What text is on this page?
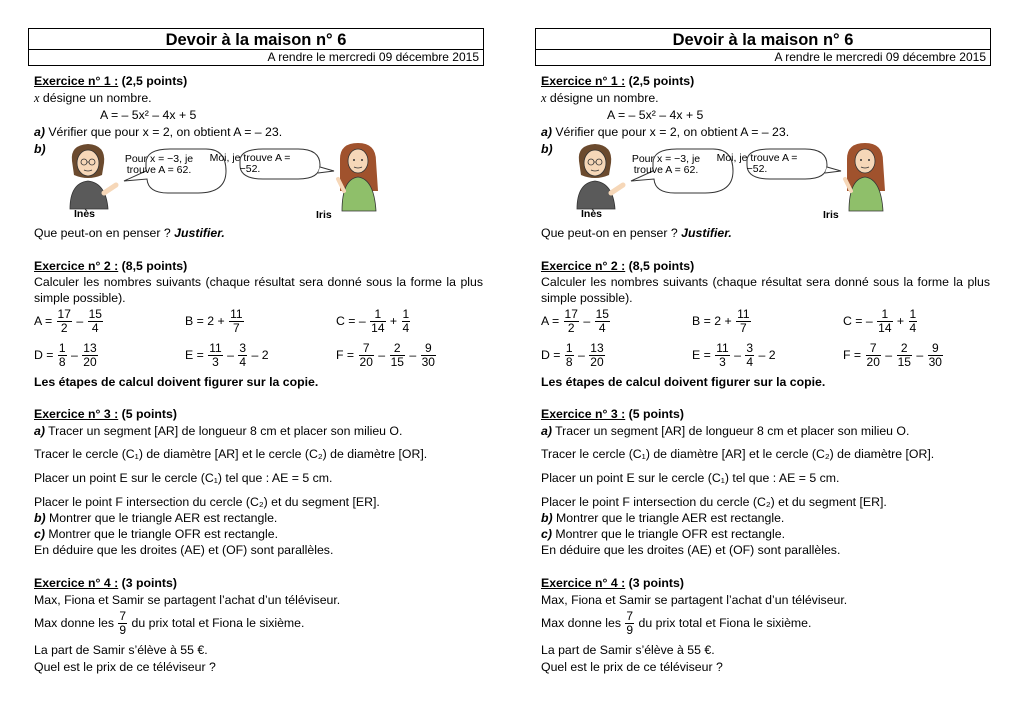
Devoir à la maison n° 6
A rendre le mercredi 09 décembre 2015
Exercice n° 1 : (2,5 points)
x désigne un nombre.
A = – 5x² – 4x + 5
a) Vérifier que pour x = 2, on obtient A = – 23.
b)
Pour x = −3, je trouve A = 62.
Moi, je trouve A = −52.
Inès	Iris
Que peut-on en penser ? Justifier.
Exercice n° 2 : (8,5 points)
Calculer les nombres suivants (chaque résultat sera donné sous la forme la plus simple possible).
$A = \frac{17}{2} - \frac{15}{4}$	$B = 2 + \frac{11}{7}$	C = – $\frac{1}{14} + \frac{1}{4}$
$D = \frac{1}{8} - \frac{13}{20}$	$E = \frac{11}{3} - \frac{3}{4} - 2$	$F = \frac{7}{20} - \frac{2}{15} - \frac{9}{30}$
Les étapes de calcul doivent figurer sur la copie.
Exercice n° 3 : (5 points)
a) Tracer un segment [AR] de longueur 8 cm et placer son milieu O.
Tracer le cercle (C₁) de diamètre [AR] et le cercle (C₂) de diamètre [OR].
Placer un point E sur le cercle (C₁) tel que : AE = 5 cm.
Placer le point F intersection du cercle (C₂) et du segment [ER].
b) Montrer que le triangle AER est rectangle.
c) Montrer que le triangle OFR est rectangle.
En déduire que les droites (AE) et (OF) sont parallèles.
Exercice n° 4 : (3 points)
Max, Fiona et Samir se partagent l’achat d’un téléviseur.
Max donne les $\frac{7}{9}$ du prix total et Fiona le sixième.
La part de Samir s’élève à 55 €.
Quel est le prix de ce téléviseur ?
Devoir à la maison n° 6
A rendre le mercredi 09 décembre 2015
Exercice n° 1 : (2,5 points)
x désigne un nombre.
A = – 5x² – 4x + 5
a) Vérifier que pour x = 2, on obtient A = – 23.
b)
Pour x = −3, je trouve A = 62.
Moi, je trouve A = −52.
Inès	Iris
Que peut-on en penser ? Justifier.
Exercice n° 2 : (8,5 points)
Calculer les nombres suivants (chaque résultat sera donné sous la forme la plus simple possible).
$A = \frac{17}{2} - \frac{15}{4}$	$B = 2 + \frac{11}{7}$	C = – $\frac{1}{14} + \frac{1}{4}$
$D = \frac{1}{8} - \frac{13}{20}$	$E = \frac{11}{3} - \frac{3}{4} - 2$	$F = \frac{7}{20} - \frac{2}{15} - \frac{9}{30}$
Les étapes de calcul doivent figurer sur la copie.
Exercice n° 3 : (5 points)
a) Tracer un segment [AR] de longueur 8 cm et placer son milieu O.
Tracer le cercle (C₁) de diamètre [AR] et le cercle (C₂) de diamètre [OR].
Placer un point E sur le cercle (C₁) tel que : AE = 5 cm.
Placer le point F intersection du cercle (C₂) et du segment [ER].
b) Montrer que le triangle AER est rectangle.
c) Montrer que le triangle OFR est rectangle.
En déduire que les droites (AE) et (OF) sont parallèles.
Exercice n° 4 : (3 points)
Max, Fiona et Samir se partagent l’achat d’un téléviseur.
Max donne les $\frac{7}{9}$ du prix total et Fiona le sixième.
La part de Samir s’élève à 55 €.
Quel est le prix de ce téléviseur ?
